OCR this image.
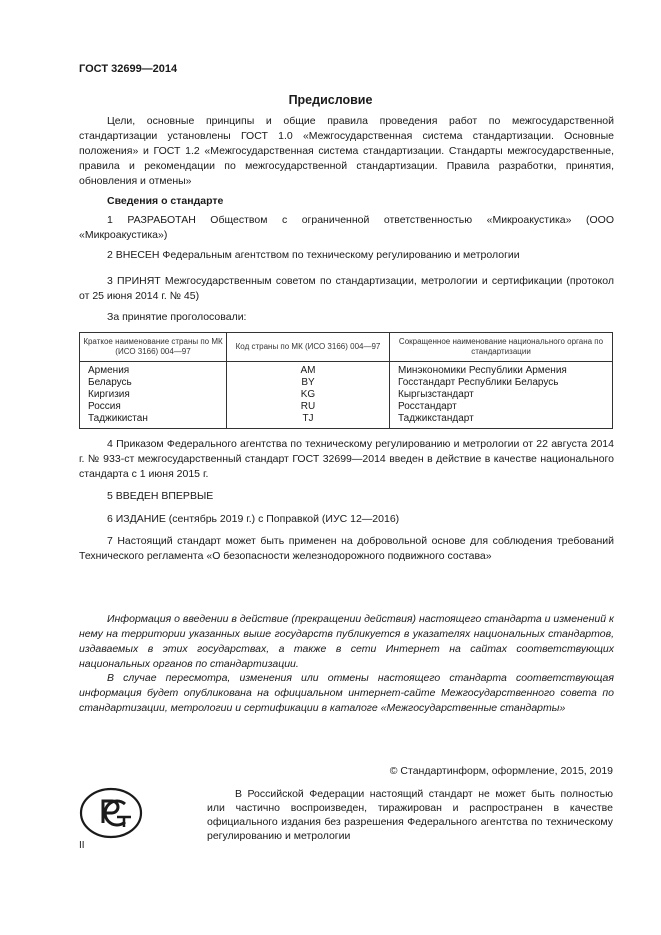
ГОСТ 32699—2014
Предисловие
Цели, основные принципы и общие правила проведения работ по межгосударственной стандартизации установлены ГОСТ 1.0 «Межгосударственная система стандартизации. Основные положения» и ГОСТ 1.2 «Межгосударственная система стандартизации. Стандарты межгосударственные, правила и рекомендации по межгосударственной стандартизации. Правила разработки, принятия, обновления и отмены»
Сведения о стандарте
1 РАЗРАБОТАН Обществом с ограниченной ответственностью «Микроакустика» (ООО «Микроакустика»)
2 ВНЕСЕН Федеральным агентством по техническому регулированию и метрологии
3 ПРИНЯТ Межгосударственным советом по стандартизации, метрологии и сертификации (протокол от 25 июня 2014 г. № 45)
За принятие проголосовали:
Краткое наименование страны по МК (ИСО 3166) 004—97	Код страны по МК (ИСО 3166) 004—97	Сокращенное наименование национального органа по стандартизации
Армения	AM	Минэкономики Республики Армения
Беларусь	BY	Госстандарт Республики Беларусь
Киргизия	KG	Кыргызстандарт
Россия	RU	Росстандарт
Таджикистан	TJ	Таджикстандарт
4 Приказом Федерального агентства по техническому регулированию и метрологии от 22 августа 2014 г. № 933-ст межгосударственный стандарт ГОСТ 32699—2014 введен в действие в качестве национального стандарта с 1 июня 2015 г.
5 ВВЕДЕН ВПЕРВЫЕ
6 ИЗДАНИЕ (сентябрь 2019 г.) с Поправкой (ИУС 12—2016)
7 Настоящий стандарт может быть применен на добровольной основе для соблюдения требований Технического регламента «О безопасности железнодорожного подвижного состава»
Информация о введении в действие (прекращении действия) настоящего стандарта и изменений к нему на территории указанных выше государств публикуется в указателях национальных стандартов, издаваемых в этих государствах, а также в сети Интернет на сайтах соответствующих национальных органов по стандартизации.
В случае пересмотра, изменения или отмены настоящего стандарта соответствующая информация будет опубликована на официальном интернет-сайте Межгосударственного совета по стандартизации, метрологии и сертификации в каталоге «Межгосударственные стандарты»
© Стандартинформ, оформление, 2015, 2019
В Российской Федерации настоящий стандарт не может быть полностью или частично воспроизведен, тиражирован и распространен в качестве официального издания без разрешения Федерального агентства по техническому регулированию и метрологии
II
